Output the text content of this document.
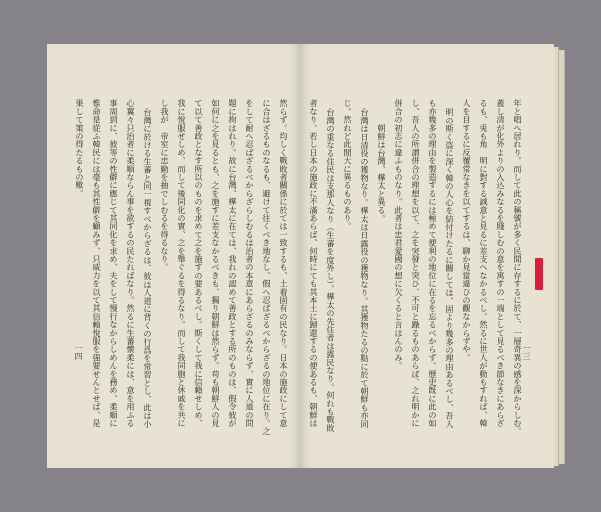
然らず。均しく戰敗者關係に於ては一致するも、土着固有の民なり。日本の施政にして意
に合はざるものなるも、避けて往くべき地なし、假へ忍ばざるべからざるの地位に在り。之
をして耐へ忍ばざるべからざらしむるは治者の本意にあらざるのみならず、實に人道の問
題に拘はれり。故に台灣、樺太に在ては、我れの認めて善政とする所のものは、假令彼が
如何に之を見るとも、之を施すに差支なかるべきも、獨り朝鮮は然らず。苟も朝鮮人の見
て以て善政となす所以のものを求めて之を施すの要あるべし。斯くして我に信賴せしめ、
我に悅服せしめ、而して後同化の實、之を舉ぐるを得るなり。而して我同胞と休戚を共に
し我が　帝室に忠勤を抽でしむるを得るなり。
台灣に於ける生蕃と同一視すべからざるは、彼は人道に背くの行爲を常習とし、此は小
心翼々只治者に柔順ならん事を欲するの民たればなり。然るに生蕃懷柔には、意を用ふる
事周到に、彼等の性僻に應じて其同化を求め、夫をして慢行なからしめんを務め、柔順に
惟命是從ふ韓民には毫も其性僻を顧みず、只威力を以て其信賴悅服を强要せんとせば、是
果して策の得たるもの歟。
一四	年と唱へ居れり。而して此の稱號が多く民間に存するに於て、一層奇異の感を深からしむ。
蓋し清が化外よりの入込みなるを賤しむの意を寓すの一端として見るべき節なきにあらざ
るも、兎も角　明に對する誠意と見るに差支へなかるべし。然るに世人が動もすれば、韓
人を目するに反覆常なきを以てするは、聊か見當違ひの觀なからずや。
明の斯く盗に深く韓の人心を結付けたるに關しては、固より幾多の理由あるべし、吾人
も亦幾多の理由を製造するには極めて便利の地位に在るを忘るべからず。歷史旣に此の如
し、吾人の所謂併合の理想を以て、之を突發と突ひ、不可と躁るものあらば、之れ明かに
併合の初志に違ふものなり。此者は忠君愛國の想に欠くると言はんのみ。
朝鮮は台灣、樺太と異る。
台灣は日清役の獲物なり。樺太は日露役の獲物なり。其獲物たるの點に於て朝鮮も亦同
じ。然れど此間大に異るものあり。
台灣の重なる住民は支那人なり（生蕃を度外し）。樺太の先住者は露民なり。何れも戰敗
者なり。若し日本の施政に不滿あらば、何時にても其本土に歸還するの便あるも、朝鮮は	一三
